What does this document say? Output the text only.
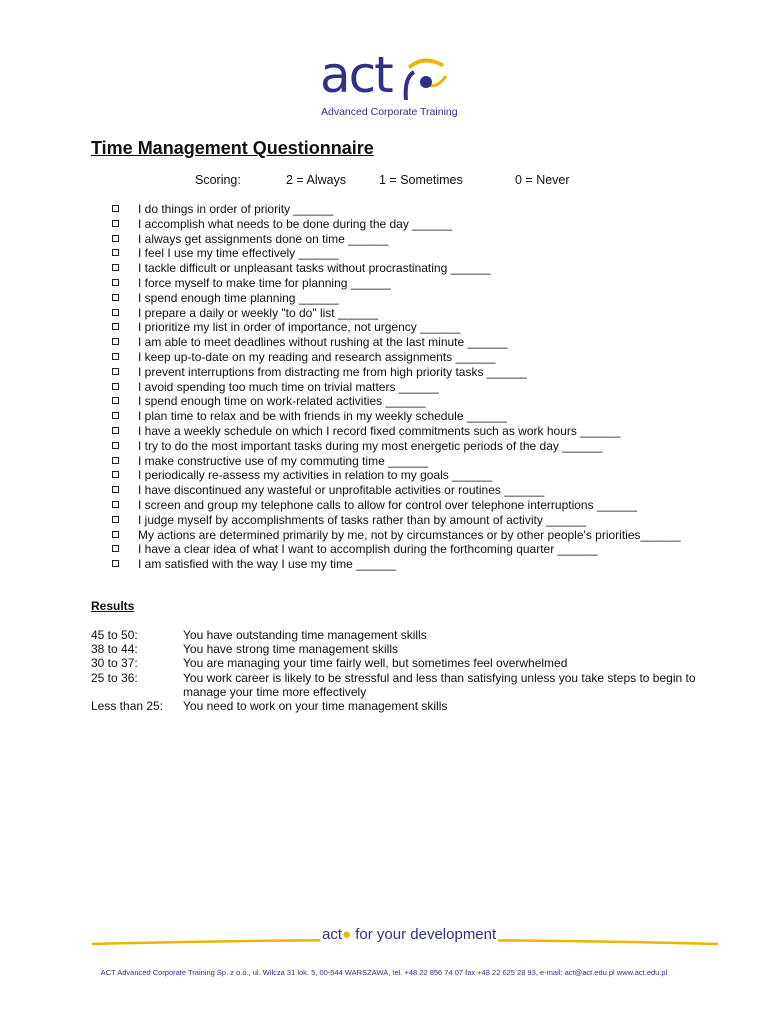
act
Advanced Corporate Training
Time Management Questionnaire
Scoring:	2 = Always	1 = Sometimes	0 = Never
I do things in order of priority ______
I accomplish what needs to be done during the day ______
I always get assignments done on time ______
I feel I use my time effectively ______
I tackle difficult or unpleasant tasks without procrastinating ______
I force myself to make time for planning ______
I spend enough time planning ______
I prepare a daily or weekly "to do" list ______
I prioritize my list in order of importance, not urgency ______
I am able to meet deadlines without rushing at the last minute ______
I keep up-to-date on my reading and research assignments ______
I prevent interruptions from distracting me from high priority tasks ______
I avoid spending too much time on trivial matters ______
I spend enough time on work-related activities ______
I plan time to relax and be with friends in my weekly schedule ______
I have a weekly schedule on which I record fixed commitments such as work hours ______
I try to do the most important tasks during my most energetic periods of the day ______
I make constructive use of my commuting time ______
I periodically re-assess my activities in relation to my goals ______
I have discontinued any wasteful or unprofitable activities or routines ______
I screen and group my telephone calls to allow for control over telephone interruptions ______
I judge myself by accomplishments of tasks rather than by amount of activity ______
My actions are determined primarily by me, not by circumstances or by other people's priorities______
I have a clear idea of what I want to accomplish during the forthcoming quarter ______
I am satisfied with the way I use my time ______
Results
45 to 50:	You have outstanding time management skills
38 to 44:	You have strong time management skills
30 to 37:	You are managing your time fairly well, but sometimes feel overwhelmed
25 to 36:	You work career is likely to be stressful and less than satisfying unless you take steps to begin to manage your time more effectively
Less than 25: You need to work on your time management skills
act● for your development
ACT Advanced Corporate Training Sp. z o.o., ul. Wilcza 31 lok. 5, 00-544 WARSZAWA, tel. +48 22 856 74 07 fax +48 22 625 28 93, e-mail: act@act.edu.pl www.act.edu.pl
